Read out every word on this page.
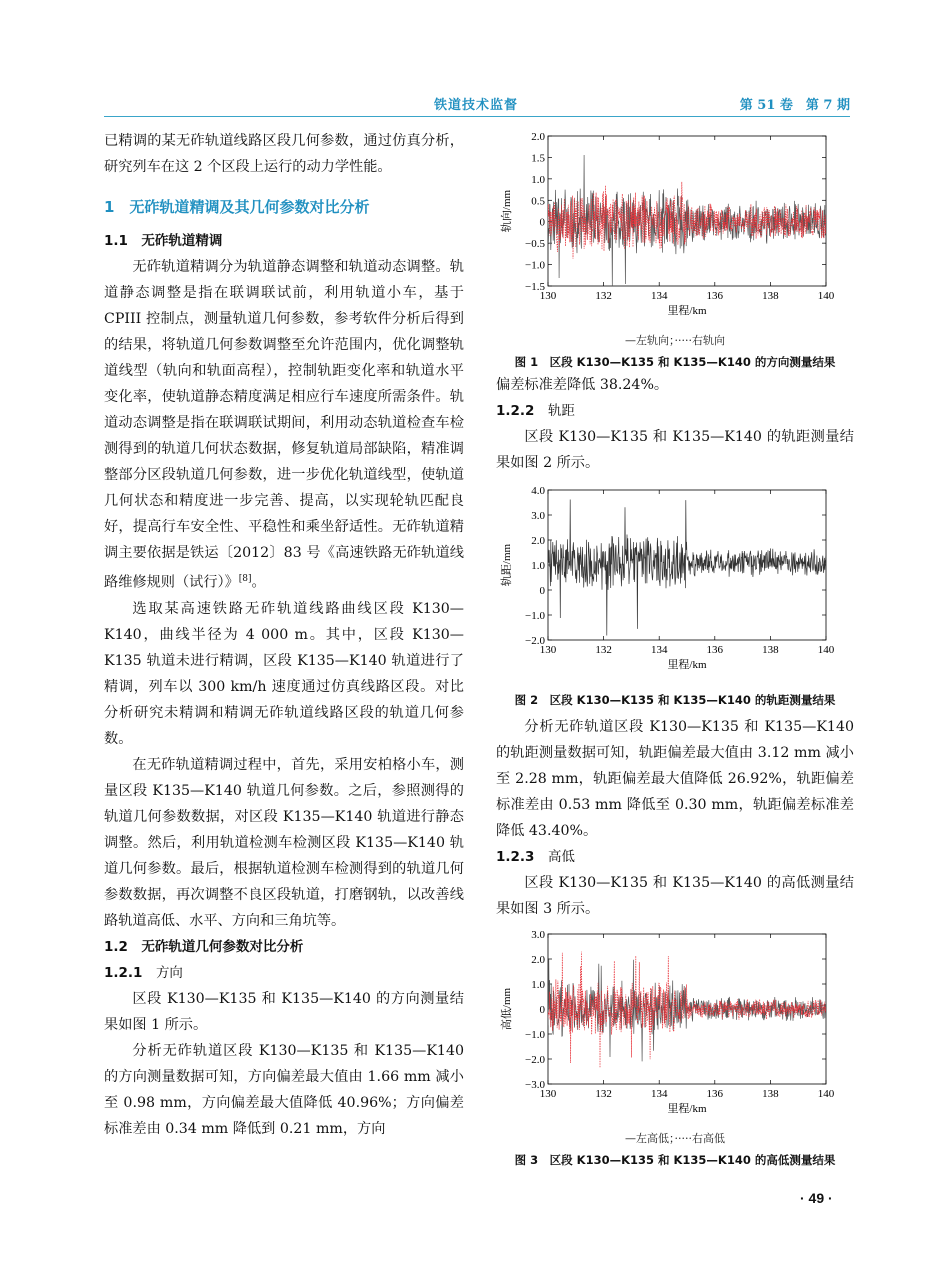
铁道技术监督	第 51 卷　第 7 期

已精调的某无砟轨道线路区段几何参数，通过仿真分析，研究列车在这 2 个区段上运行的动力学性能。

1　无砟轨道精调及其几何参数对比分析

1.1　无砟轨道精调

无砟轨道精调分为轨道静态调整和轨道动态调整。轨道静态调整是指在联调联试前，利用轨道小车，基于 CPIII 控制点，测量轨道几何参数，参考软件分析后得到的结果，将轨道几何参数调整至允许范围内，优化调整轨道线型（轨向和轨面高程），控制轨距变化率和轨道水平变化率，使轨道静态精度满足相应行车速度所需条件。轨道动态调整是指在联调联试期间，利用动态轨道检查车检测得到的轨道几何状态数据，修复轨道局部缺陷，精准调整部分区段轨道几何参数，进一步优化轨道线型，使轨道几何状态和精度进一步完善、提高，以实现轮轨匹配良好，提高行车安全性、平稳性和乘坐舒适性。无砟轨道精调主要依据是铁运〔2012〕83 号《高速铁路无砟轨道线路维修规则（试行）》[8]。

选取某高速铁路无砟轨道线路曲线区段 K130—K140，曲线半径为 4 000 m。其中，区段 K130—K135 轨道未进行精调，区段 K135—K140 轨道进行了精调，列车以 300 km/h 速度通过仿真线路区段。对比分析研究未精调和精调无砟轨道线路区段的轨道几何参数。

在无砟轨道精调过程中，首先，采用安柏格小车，测量区段 K135—K140 轨道几何参数。之后，参照测得的轨道几何参数数据，对区段 K135—K140 轨道进行静态调整。然后，利用轨道检测车检测区段 K135—K140 轨道几何参数。最后，根据轨道检测车检测得到的轨道几何参数数据，再次调整不良区段轨道，打磨钢轨，以改善线路轨道高低、水平、方向和三角坑等。

1.2　无砟轨道几何参数对比分析

1.2.1　 方向

区段 K130—K135 和 K135—K140 的方向测量结果如图 1 所示。

分析无砟轨道区段 K130—K135 和 K135—K140 的方向测量数据可知，方向偏差最大值由 1.66 mm 减小至 0.98 mm，方向偏差最大值降低 40.96%；方向偏差标准差由 0.34 mm 降低到 0.21 mm，方向

130	132	134	136	138	140
−1.5
−1.0
−0.5
0
0.5
1.0
1.5
2.0
里程/km
轨向/mm
—左轨向；·····右轨向
图 1　区段 K130—K135 和 K135—K140 的方向测量结果

偏差标准差降低 38.24%。

1.2.2　 轨距

区段 K130—K135 和 K135—K140 的轨距测量结果如图 2 所示。

130	132	134	136	138	140
−2.0
−1.0
0
1.0
2.0
3.0
4.0
里程/km
轨距/mm
图 2　区段 K130—K135 和 K135—K140 的轨距测量结果

分析无砟轨道区段 K130—K135 和 K135—K140 的轨距测量数据可知，轨距偏差最大值由 3.12 mm 减小至 2.28 mm，轨距偏差最大值降低 26.92%，轨距偏差标准差由 0.53 mm 降低至 0.30 mm，轨距偏差标准差降低 43.40%。

1.2.3　 高低

区段 K130—K135 和 K135—K140 的高低测量结果如图 3 所示。

130	132	134	136	138	140
−3.0
−2.0
−1.0
0
1.0
2.0
3.0
里程/km
高低/mm
—左高低；·····右高低
图 3　区段 K130—K135 和 K135—K140 的高低测量结果
· 49 ·
